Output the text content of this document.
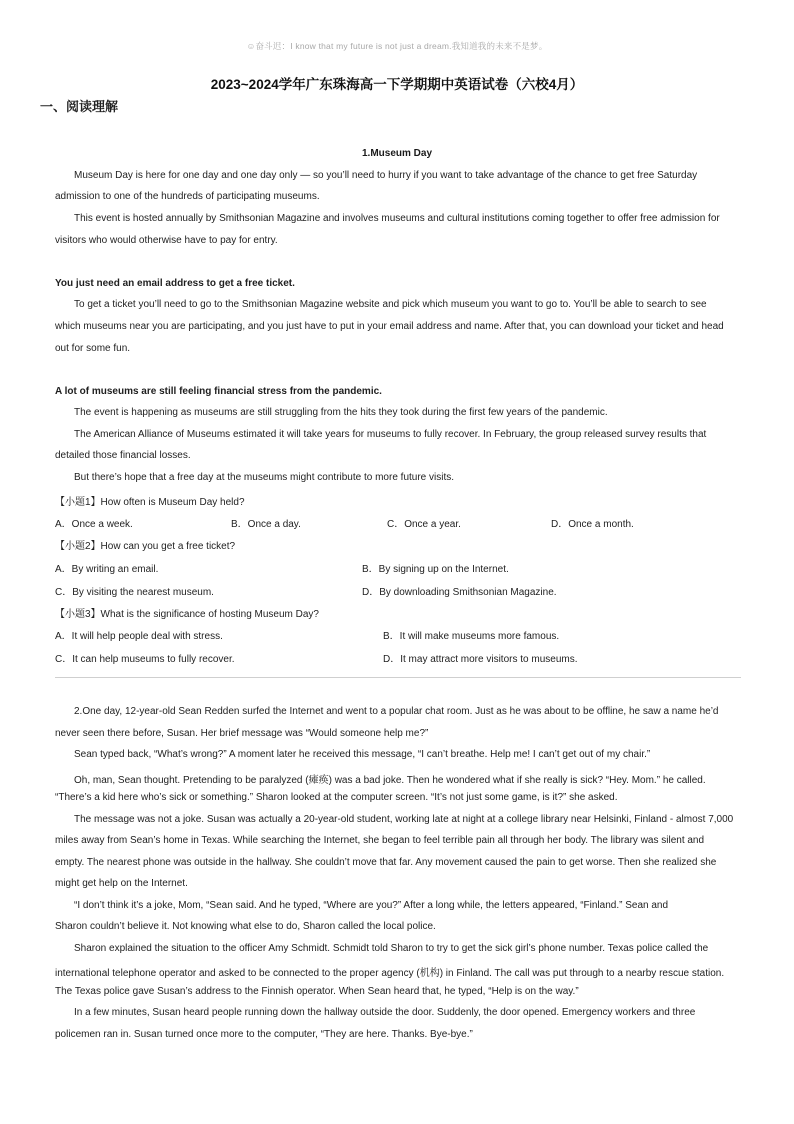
☺奋斗迟：I know that my future is not just a dream.我知道我的未来不是梦。
2023~2024学年广东珠海高一下学期期中英语试卷（六校4月）
一、阅读理解
1.Museum Day
Museum Day is here for one day and one day only — so you’ll need to hurry if you want to take advantage of the chance to get free Saturday
admission to one of the hundreds of participating museums.
This event is hosted annually by Smithsonian Magazine and involves museums and cultural institutions coming together to offer free admission for
visitors who would otherwise have to pay for entry.
You just need an email address to get a free ticket.
To get a ticket you’ll need to go to the Smithsonian Magazine website and pick which museum you want to go to. You’ll be able to search to see
which museums near you are participating, and you just have to put in your email address and name. After that, you can download your ticket and head
out for some fun.
A lot of museums are still feeling financial stress from the pandemic.
The event is happening as museums are still struggling from the hits they took during the first few years of the pandemic.
The American Alliance of Museums estimated it will take years for museums to fully recover. In February, the group released survey results that
detailed those financial losses.
But there’s hope that a free day at the museums might contribute to more future visits.
【小题1】How often is Museum Day held?
A．Once a week.	B．Once a day.	C．Once a year.	D．Once a month.
【小题2】How can you get a free ticket?
A．By writing an email.	B．By signing up on the Internet.
C．By visiting the nearest museum.	D．By downloading Smithsonian Magazine.
【小题3】What is the significance of hosting Museum Day?
A．It will help people deal with stress.	B．It will make museums more famous.
C．It can help museums to fully recover.	D．It may attract more visitors to museums.
2.One day, 12-year-old Sean Redden surfed the Internet and went to a popular chat room. Just as he was about to be offline, he saw a name he’d
never seen there before, Susan. Her brief message was “Would someone help me?”
Sean typed back, “What’s wrong?” A moment later he received this message, “I can’t breathe. Help me! I can’t get out of my chair.”
Oh, man, Sean thought. Pretending to be paralyzed (瘫痪) was a bad joke. Then he wondered what if she really is sick? “Hey. Mom.” he called.
“There’s a kid here who’s sick or something.” Sharon looked at the computer screen. “It’s not just some game, is it?” she asked.
The message was not a joke. Susan was actually a 20-year-old student, working late at night at a college library near Helsinki, Finland - almost 7,000
miles away from Sean’s home in Texas. While searching the Internet, she began to feel terrible pain all through her body. The library was silent and
empty. The nearest phone was outside in the hallway. She couldn’t move that far. Any movement caused the pain to get worse. Then she realized she
might get help on the Internet.
“I don’t think it’s a joke, Mom, “Sean said. And he typed, “Where are you?” After a long while, the letters appeared, “Finland.” Sean and
Sharon couldn’t believe it. Not knowing what else to do, Sharon called the local police.
Sharon explained the situation to the officer Amy Schmidt. Schmidt told Sharon to try to get the sick girl’s phone number. Texas police called the
international telephone operator and asked to be connected to the proper agency (机构) in Finland. The call was put through to a nearby rescue station.
The Texas police gave Susan’s address to the Finnish operator. When Sean heard that, he typed, “Help is on the way.”
In a few minutes, Susan heard people running down the hallway outside the door. Suddenly, the door opened. Emergency workers and three
policemen ran in. Susan turned once more to the computer, “They are here. Thanks. Bye-bye.”
